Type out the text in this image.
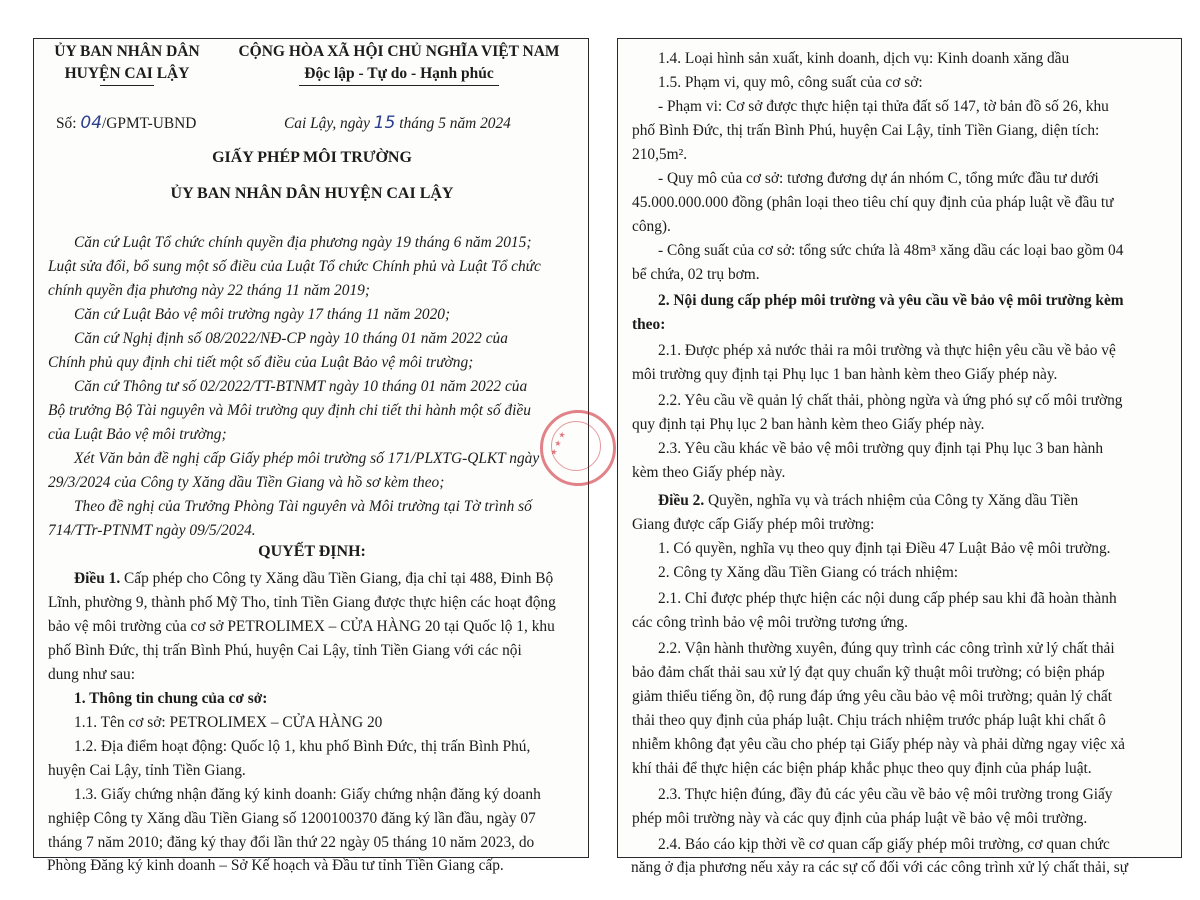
ỦY BAN NHÂN DÂN
HUYỆN CAI LẬY
CỘNG HÒA XÃ HỘI CHỦ NGHĨA VIỆT NAM
Độc lập - Tự do - Hạnh phúc
Số: 04/GPMT-UBND	Cai Lậy, ngày 15 tháng 5 năm 2024
GIẤY PHÉP MÔI TRƯỜNG
ỦY BAN NHÂN DÂN HUYỆN CAI LẬY
Căn cứ Luật Tổ chức chính quyền địa phương ngày 19 tháng 6 năm 2015;
Luật sửa đổi, bổ sung một số điều của Luật Tổ chức Chính phủ và Luật Tổ chức
chính quyền địa phương này 22 tháng 11 năm 2019;
Căn cứ Luật Bảo vệ môi trường ngày 17 tháng 11 năm 2020;
Căn cứ Nghị định số 08/2022/NĐ-CP ngày 10 tháng 01 năm 2022 của
Chính phủ quy định chi tiết một số điều của Luật Bảo vệ môi trường;
Căn cứ Thông tư số 02/2022/TT-BTNMT ngày 10 tháng 01 năm 2022 của
Bộ trưởng Bộ Tài nguyên và Môi trường quy định chi tiết thi hành một số điều
của Luật Bảo vệ môi trường;
Xét Văn bản đề nghị cấp Giấy phép môi trường số 171/PLXTG-QLKT ngày
29/3/2024 của Công ty Xăng dầu Tiền Giang và hồ sơ kèm theo;
Theo đề nghị của Trưởng Phòng Tài nguyên và Môi trường tại Tờ trình số
714/TTr-PTNMT ngày 09/5/2024.
QUYẾT ĐỊNH:
Điều 1. Cấp phép cho Công ty Xăng dầu Tiền Giang, địa chỉ tại 488, Đinh Bộ
Lĩnh, phường 9, thành phố Mỹ Tho, tỉnh Tiền Giang được thực hiện các hoạt động
bảo vệ môi trường của cơ sở PETROLIMEX – CỬA HÀNG 20 tại Quốc lộ 1, khu
phố Bình Đức, thị trấn Bình Phú, huyện Cai Lậy, tỉnh Tiền Giang với các nội
dung như sau:
1. Thông tin chung của cơ sở:
1.1. Tên cơ sở: PETROLIMEX – CỬA HÀNG 20
1.2. Địa điểm hoạt động: Quốc lộ 1, khu phố Bình Đức, thị trấn Bình Phú,
huyện Cai Lậy, tỉnh Tiền Giang.
1.3. Giấy chứng nhận đăng ký kinh doanh: Giấy chứng nhận đăng ký doanh
nghiệp Công ty Xăng dầu Tiền Giang số 1200100370 đăng ký lần đầu, ngày 07
tháng 7 năm 2010; đăng ký thay đổi lần thứ 22 ngày 05 tháng 10 năm 2023, do
Phòng Đăng ký kinh doanh – Sở Kế hoạch và Đầu tư tỉnh Tiền Giang cấp.
★ ★ ★
1.4. Loại hình sản xuất, kinh doanh, dịch vụ: Kinh doanh xăng dầu
1.5. Phạm vi, quy mô, công suất của cơ sở:
- Phạm vi: Cơ sở được thực hiện tại thửa đất số 147, tờ bản đồ số 26, khu
phố Bình Đức, thị trấn Bình Phú, huyện Cai Lậy, tỉnh Tiền Giang, diện tích:
210,5m².
- Quy mô của cơ sở: tương đương dự án nhóm C, tổng mức đầu tư dưới
45.000.000.000 đồng (phân loại theo tiêu chí quy định của pháp luật về đầu tư
công).
- Công suất của cơ sở: tổng sức chứa là 48m³ xăng dầu các loại bao gồm 04
bể chứa, 02 trụ bơm.
2. Nội dung cấp phép môi trường và yêu cầu về bảo vệ môi trường kèm
theo:
2.1. Được phép xả nước thải ra môi trường và thực hiện yêu cầu về bảo vệ
môi trường quy định tại Phụ lục 1 ban hành kèm theo Giấy phép này.
2.2. Yêu cầu về quản lý chất thải, phòng ngừa và ứng phó sự cố môi trường
quy định tại Phụ lục 2 ban hành kèm theo Giấy phép này.
2.3. Yêu cầu khác về bảo vệ môi trường quy định tại Phụ lục 3 ban hành
kèm theo Giấy phép này.
Điều 2. Quyền, nghĩa vụ và trách nhiệm của Công ty Xăng dầu Tiền
Giang được cấp Giấy phép môi trường:
1. Có quyền, nghĩa vụ theo quy định tại Điều 47 Luật Bảo vệ môi trường.
2. Công ty Xăng dầu Tiền Giang có trách nhiệm:
2.1. Chỉ được phép thực hiện các nội dung cấp phép sau khi đã hoàn thành
các công trình bảo vệ môi trường tương ứng.
2.2. Vận hành thường xuyên, đúng quy trình các công trình xử lý chất thải
bảo đảm chất thải sau xử lý đạt quy chuẩn kỹ thuật môi trường; có biện pháp
giảm thiểu tiếng ồn, độ rung đáp ứng yêu cầu bảo vệ môi trường; quản lý chất
thải theo quy định của pháp luật. Chịu trách nhiệm trước pháp luật khi chất ô
nhiễm không đạt yêu cầu cho phép tại Giấy phép này và phải dừng ngay việc xả
khí thải để thực hiện các biện pháp khắc phục theo quy định của pháp luật.
2.3. Thực hiện đúng, đầy đủ các yêu cầu về bảo vệ môi trường trong Giấy
phép môi trường này và các quy định của pháp luật về bảo vệ môi trường.
2.4. Báo cáo kịp thời về cơ quan cấp giấy phép môi trường, cơ quan chức
năng ở địa phương nếu xảy ra các sự cố đối với các công trình xử lý chất thải, sự
